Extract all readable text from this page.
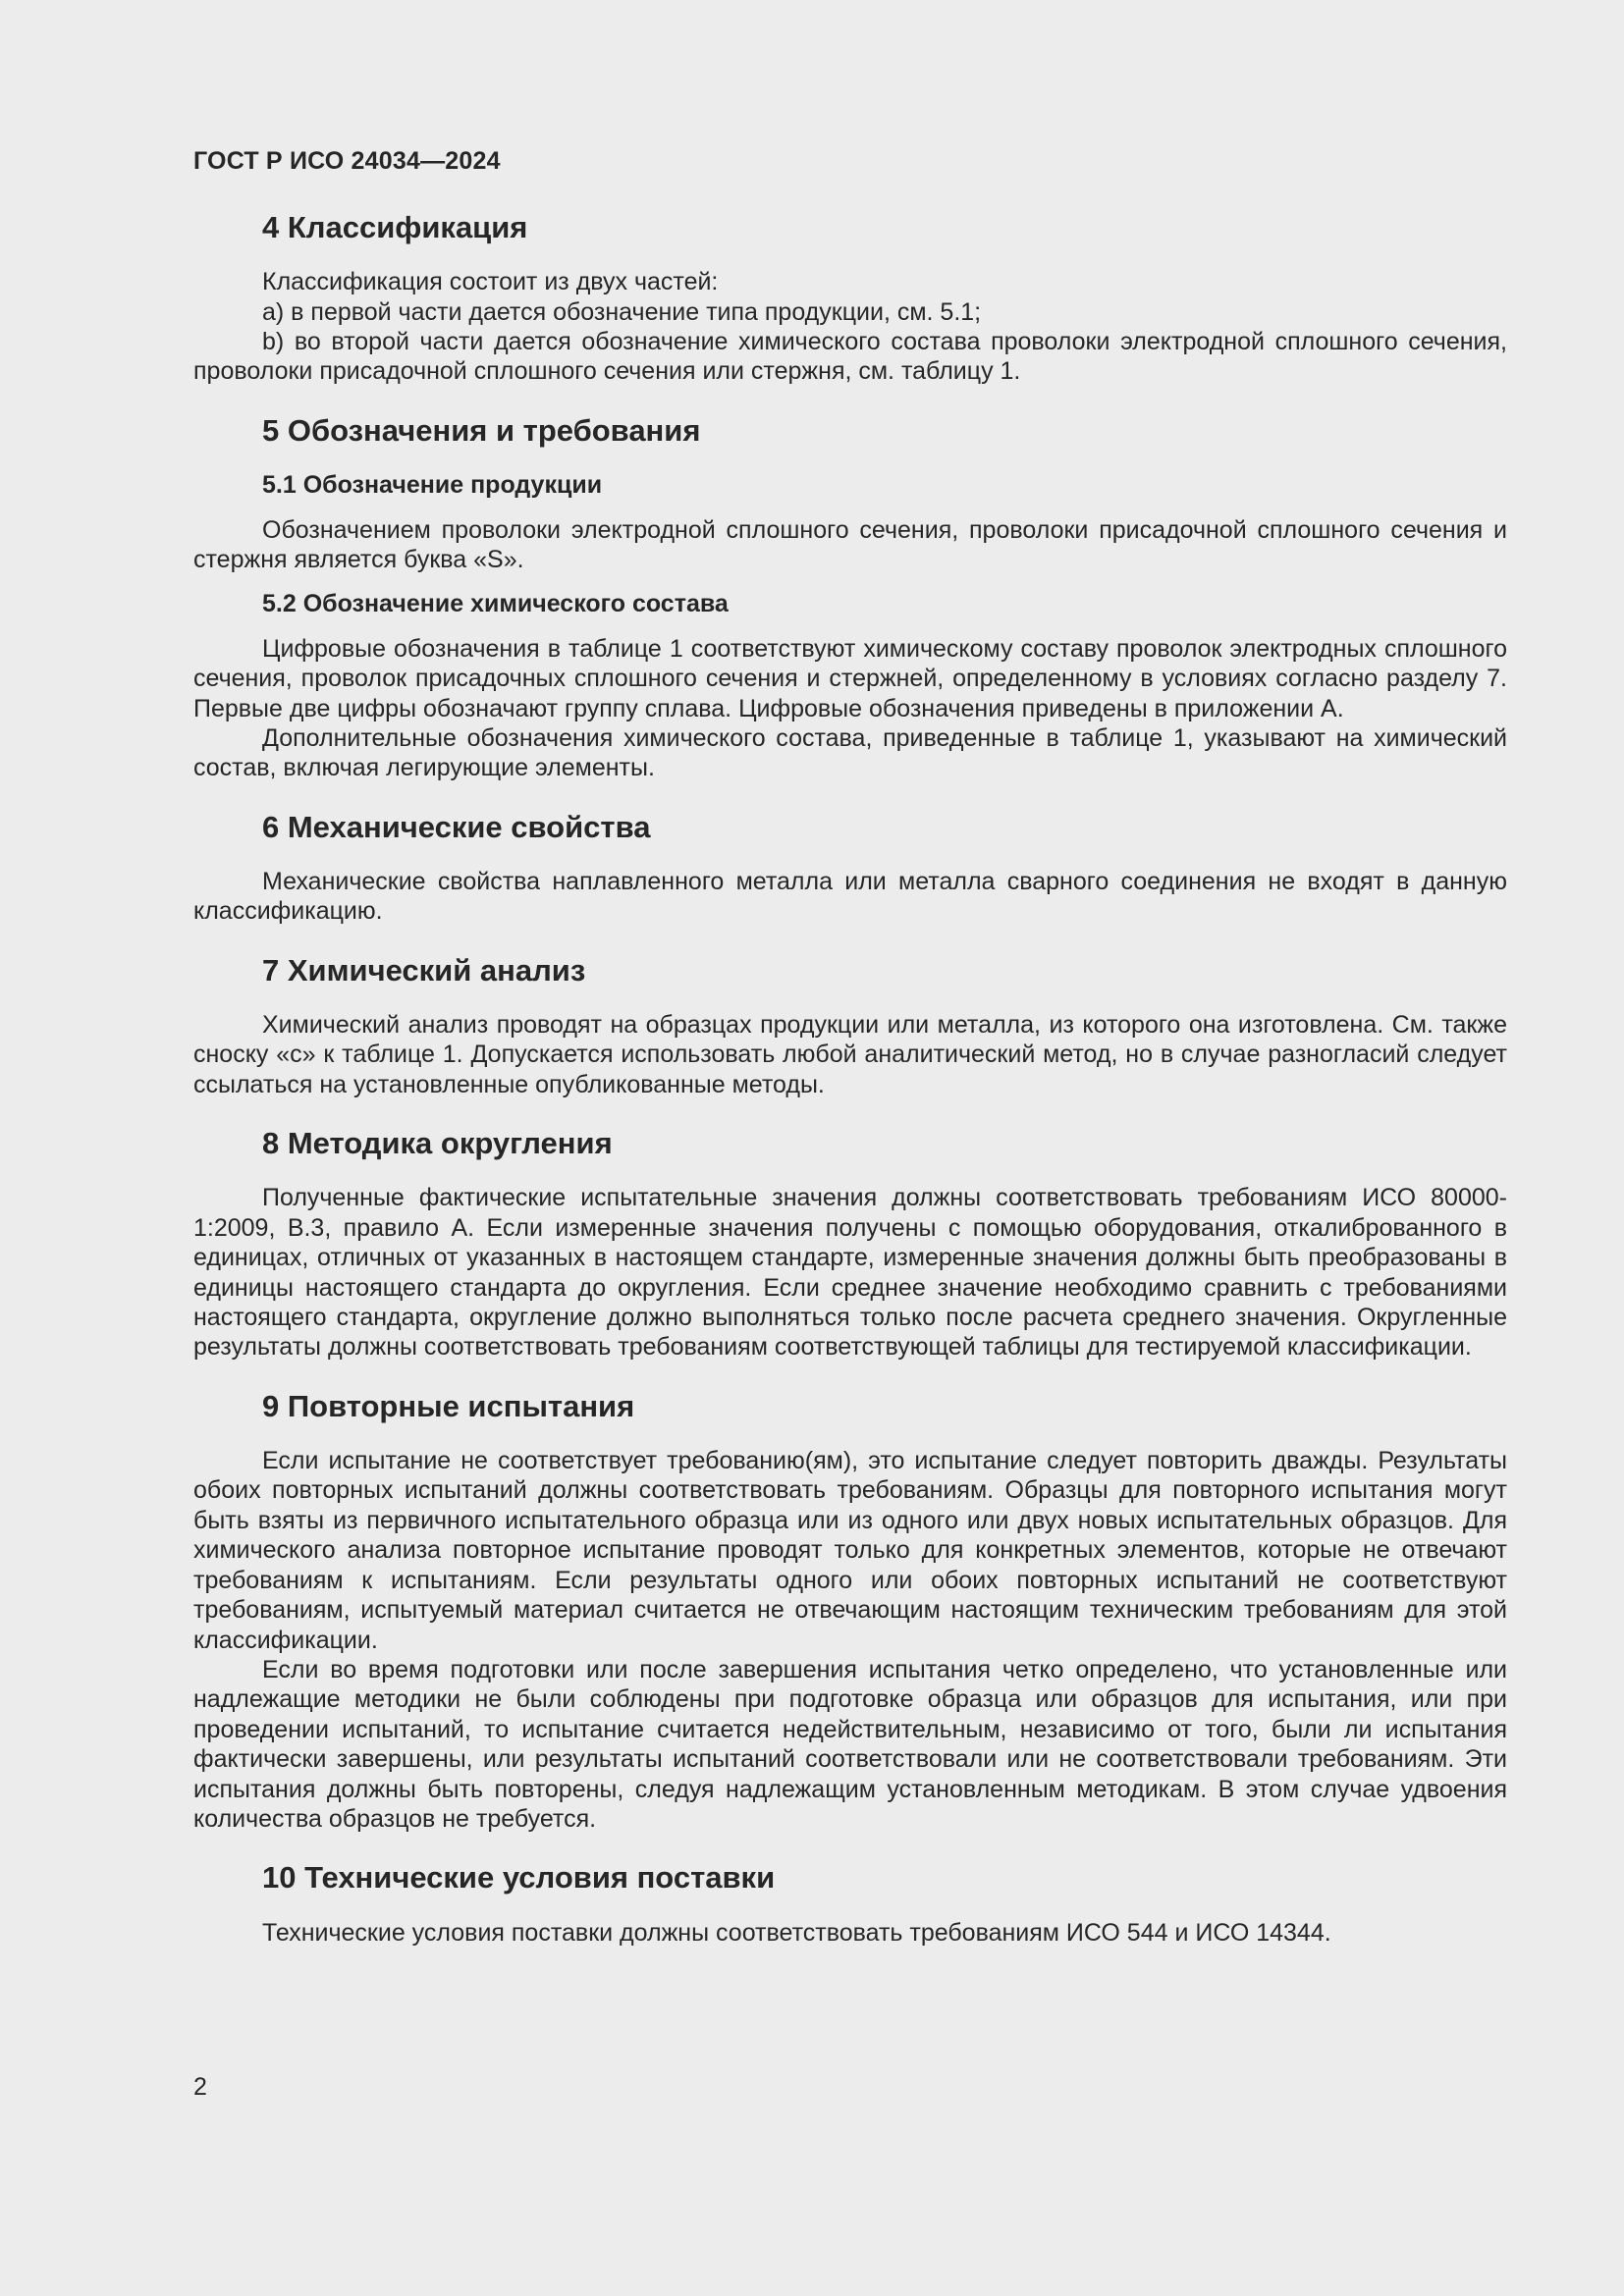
ГОСТ Р ИСО 24034—2024
4 Классификация

Классификация состоит из двух частей:

a) в первой части дается обозначение типа продукции, см. 5.1;

b) во второй части дается обозначение химического состава проволоки электродной сплошного сечения, проволоки присадочной сплошного сечения или стержня, см. таблицу 1.

5 Обозначения и требования
5.1 Обозначение продукции

Обозначением проволоки электродной сплошного сечения, проволоки присадочной сплошного сечения и стержня является буква «S».

5.2 Обозначение химического состава

Цифровые обозначения в таблице 1 соответствуют химическому составу проволок электродных сплошного сечения, проволок присадочных сплошного сечения и стержней, определенному в условиях согласно разделу 7. Первые две цифры обозначают группу сплава. Цифровые обозначения приведены в приложении А.

Дополнительные обозначения химического состава, приведенные в таблице 1, указывают на химический состав, включая легирующие элементы.

6 Механические свойства

Механические свойства наплавленного металла или металла сварного соединения не входят в данную классификацию.

7 Химический анализ

Химический анализ проводят на образцах продукции или металла, из которого она изготовлена. См. также сноску «c» к таблице 1. Допускается использовать любой аналитический метод, но в случае разногласий следует ссылаться на установленные опубликованные методы.

8 Методика округления

Полученные фактические испытательные значения должны соответствовать требованиям ИСО 80000-1:2009, B.3, правило А. Если измеренные значения получены с помощью оборудования, откалиброванного в единицах, отличных от указанных в настоящем стандарте, измеренные значения должны быть преобразованы в единицы настоящего стандарта до округления. Если среднее значение необходимо сравнить с требованиями настоящего стандарта, округление должно выполняться только после расчета среднего значения. Округленные результаты должны соответствовать требованиям соответствующей таблицы для тестируемой классификации.

9 Повторные испытания

Если испытание не соответствует требованию(ям), это испытание следует повторить дважды. Результаты обоих повторных испытаний должны соответствовать требованиям. Образцы для повторного испытания могут быть взяты из первичного испытательного образца или из одного или двух новых испытательных образцов. Для химического анализа повторное испытание проводят только для конкретных элементов, которые не отвечают требованиям к испытаниям. Если результаты одного или обоих повторных испытаний не соответствуют требованиям, испытуемый материал считается не отвечающим настоящим техническим требованиям для этой классификации.

Если во время подготовки или после завершения испытания четко определено, что установленные или надлежащие методики не были соблюдены при подготовке образца или образцов для испытания, или при проведении испытаний, то испытание считается недействительным, независимо от того, были ли испытания фактически завершены, или результаты испытаний соответствовали или не соответствовали требованиям. Эти испытания должны быть повторены, следуя надлежащим установленным методикам. В этом случае удвоения количества образцов не требуется.

10 Технические условия поставки

Технические условия поставки должны соответствовать требованиям ИСО 544 и ИСО 14344.

2
